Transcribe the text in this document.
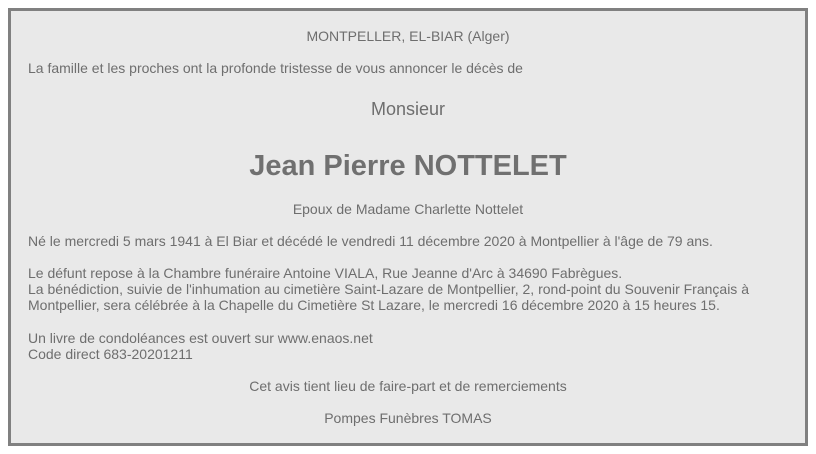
MONTPELLER, EL-BIAR (Alger)

La famille et les proches ont la profonde tristesse de vous annoncer le décès de

Monsieur

Jean Pierre NOTTELET

Epoux de Madame Charlette Nottelet

Né le mercredi 5 mars 1941 à El Biar et décédé le vendredi 11 décembre 2020 à Montpellier à l'âge de 79 ans.

Le défunt repose à la Chambre funéraire Antoine VIALA, Rue Jeanne d'Arc à 34690 Fabrègues.
La bénédiction, suivie de l'inhumation au cimetière Saint-Lazare de Montpellier, 2, rond-point du Souvenir Français à Montpellier, sera célébrée à la Chapelle du Cimetière St Lazare, le mercredi 16 décembre 2020 à 15 heures 15.
Un livre de condoléances est ouvert sur www.enaos.net
Code direct 683-20201211

Cet avis tient lieu de faire-part et de remerciements

Pompes Funèbres TOMAS
